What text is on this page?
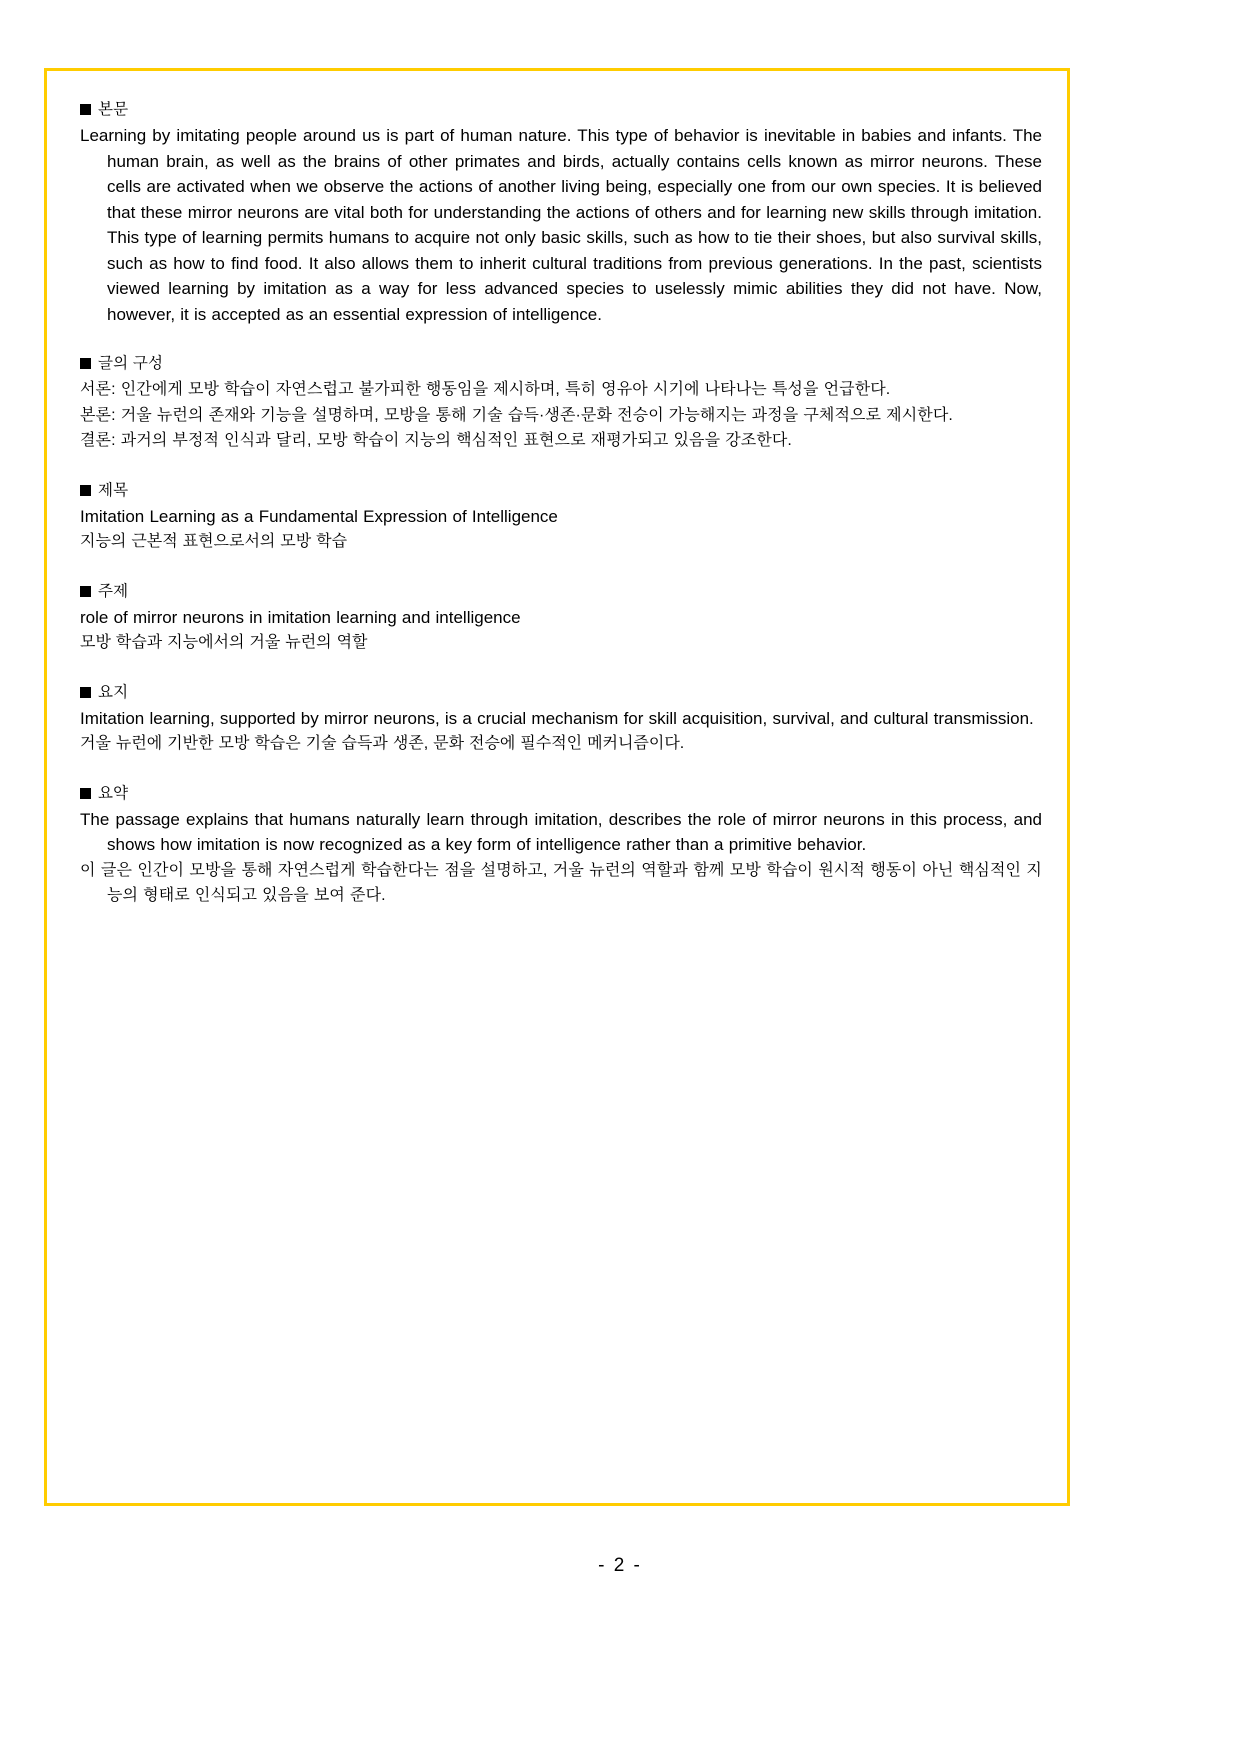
본문

Learning by imitating people around us is part of human nature. This type of behavior is inevitable in babies and infants. The human brain, as well as the brains of other primates and birds, actually contains cells known as mirror neurons. These cells are activated when we observe the actions of another living being, especially one from our own species. It is believed that these mirror neurons are vital both for understanding the actions of others and for learning new skills through imitation. This type of learning permits humans to acquire not only basic skills, such as how to tie their shoes, but also survival skills, such as how to find food. It also allows them to inherit cultural traditions from previous generations. In the past, scientists viewed learning by imitation as a way for less advanced species to uselessly mimic abilities they did not have. Now, however, it is accepted as an essential expression of intelligence.

글의 구성

서론: 인간에게 모방 학습이 자연스럽고 불가피한 행동임을 제시하며, 특히 영유아 시기에 나타나는 특성을 언급한다.

본론: 거울 뉴런의 존재와 기능을 설명하며, 모방을 통해 기술 습득·생존·문화 전승이 가능해지는 과정을 구체적으로 제시한다.

결론: 과거의 부정적 인식과 달리, 모방 학습이 지능의 핵심적인 표현으로 재평가되고 있음을 강조한다.

제목

Imitation Learning as a Fundamental Expression of Intelligence

지능의 근본적 표현으로서의 모방 학습

주제

role of mirror neurons in imitation learning and intelligence

모방 학습과 지능에서의 거울 뉴런의 역할

요지

Imitation learning, supported by mirror neurons, is a crucial mechanism for skill acquisition, survival, and cultural transmission.

거울 뉴런에 기반한 모방 학습은 기술 습득과 생존, 문화 전승에 필수적인 메커니즘이다.

요약

The passage explains that humans naturally learn through imitation, describes the role of mirror neurons in this process, and shows how imitation is now recognized as a key form of intelligence rather than a primitive behavior.

이 글은 인간이 모방을 통해 자연스럽게 학습한다는 점을 설명하고, 거울 뉴런의 역할과 함께 모방 학습이 원시적 행동이 아닌 핵심적인 지능의 형태로 인식되고 있음을 보여 준다.

- 2 -
